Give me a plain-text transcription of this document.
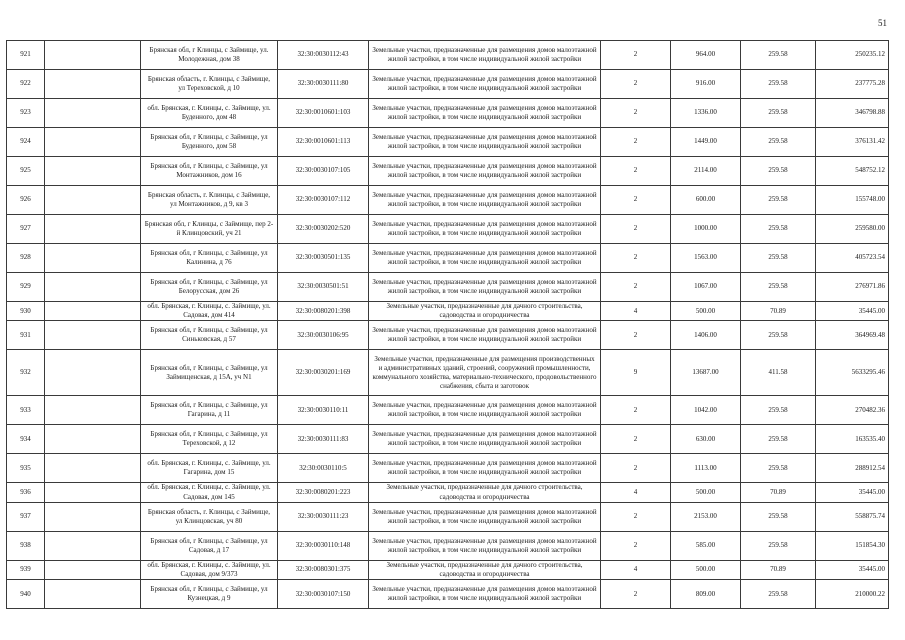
51
921		Брянская обл, г Клинцы, с Займище, ул. Молодежная, дом 38	32:30:0030112:43	Земельные участки, предназначенные для размещения домов малоэтажной жилой застройки, в том числе индивидуальной жилой застройки	2	964.00	259.58	250235.12
922		Брянская область, г. Клинцы, с Займище, ул Тереховской, д 10	32:30:0030111:80	Земельные участки, предназначенные для размещения домов малоэтажной жилой застройки, в том числе индивидуальной жилой застройки	2	916.00	259.58	237775.28
923		обл. Брянская, г. Клинцы, с. Займище, ул. Буденного, дом 48	32:30:0010601:103	Земельные участки, предназначенные для размещения домов малоэтажной жилой застройки, в том числе индивидуальной жилой застройки	2	1336.00	259.58	346798.88
924		Брянская обл, г Клинцы, с Займище, ул Буденного, дом 58	32:30:0010601:113	Земельные участки, предназначенные для размещения домов малоэтажной жилой застройки, в том числе индивидуальной жилой застройки	2	1449.00	259.58	376131.42
925		Брянская обл, г Клинцы, с Займище, ул Монтажников, дом 16	32:30:0030107:105	Земельные участки, предназначенные для размещения домов малоэтажной жилой застройки, в том числе индивидуальной жилой застройки	2	2114.00	259.58	548752.12
926		Брянская область, г. Клинцы, с Займище, ул Монтажников, д 9, кв 3	32:30:0030107:112	Земельные участки, предназначенные для размещения домов малоэтажной жилой застройки, в том числе индивидуальной жилой застройки	2	600.00	259.58	155748.00
927		Брянская обл, г Клинцы, с Займище, пер 2-й Клинцовский, уч 21	32:30:0030202:520	Земельные участки, предназначенные для размещения домов малоэтажной жилой застройки, в том числе индивидуальной жилой застройки	2	1000.00	259.58	259580.00
928		Брянская обл, г Клинцы, с Займище, ул Калинина, д 76	32:30:0030501:135	Земельные участки, предназначенные для размещения домов малоэтажной жилой застройки, в том числе индивидуальной жилой застройки	2	1563.00	259.58	405723.54
929		Брянская обл, г Клинцы, с Займище, ул Белорусская, дом 26	32:30:0030501:51	Земельные участки, предназначенные для размещения домов малоэтажной жилой застройки, в том числе индивидуальной жилой застройки	2	1067.00	259.58	276971.86
930		обл. Брянская, г. Клинцы, с. Займище, ул. Садовая, дом 414	32:30:0080201:398	Земельные участки, предназначенные для дачного строительства, садоводства и огородничества	4	500.00	70.89	35445.00
931		Брянская обл, г Клинцы, с Займище, ул Синьковская, д 57	32:30:0030106:95	Земельные участки, предназначенные для размещения домов малоэтажной жилой застройки, в том числе индивидуальной жилой застройки	2	1406.00	259.58	364969.48
932		Брянская обл, г Клинцы, с Займище, ул Займищенская, д 15А, уч N1	32:30:0030201:169	Земельные участки, предназначенные для размещения производственных и административных зданий, строений, сооружений промышленности, коммунального хозяйства, материально-технического, продовольственного снабжения, сбыта и заготовок	9	13687.00	411.58	5633295.46
933		Брянская обл, г Клинцы, с Займище, ул Гагарина, д 11	32:30:0030110:11	Земельные участки, предназначенные для размещения домов малоэтажной жилой застройки, в том числе индивидуальной жилой застройки	2	1042.00	259.58	270482.36
934		Брянская обл, г Клинцы, с Займище, ул Тереховской, д 12	32:30:0030111:83	Земельные участки, предназначенные для размещения домов малоэтажной жилой застройки, в том числе индивидуальной жилой застройки	2	630.00	259.58	163535.40
935		обл. Брянская, г. Клинцы, с. Займище, ул. Гагарина, дом 15	32:30:0030110:5	Земельные участки, предназначенные для размещения домов малоэтажной жилой застройки, в том числе индивидуальной жилой застройки	2	1113.00	259.58	288912.54
936		обл. Брянская, г. Клинцы, с. Займище, ул. Садовая, дом 145	32:30:0080201:223	Земельные участки, предназначенные для дачного строительства, садоводства и огородничества	4	500.00	70.89	35445.00
937		Брянская область, г. Клинцы, с Займище, ул Клинцовская, уч 80	32:30:0030111:23	Земельные участки, предназначенные для размещения домов малоэтажной жилой застройки, в том числе индивидуальной жилой застройки	2	2153.00	259.58	558875.74
938		Брянская обл, г Клинцы, с Займище, ул Садовая, д 17	32:30:0030110:148	Земельные участки, предназначенные для размещения домов малоэтажной жилой застройки, в том числе индивидуальной жилой застройки	2	585.00	259.58	151854.30
939		обл. Брянская, г. Клинцы, с. Займище, ул. Садовая, дом 9/373	32:30:0080301:375	Земельные участки, предназначенные для дачного строительства, садоводства и огородничества	4	500.00	70.89	35445.00
940		Брянская обл, г Клинцы, с Займище, ул Кузнецкая, д 9	32:30:0030107:150	Земельные участки, предназначенные для размещения домов малоэтажной жилой застройки, в том числе индивидуальной жилой застройки	2	809.00	259.58	210000.22
